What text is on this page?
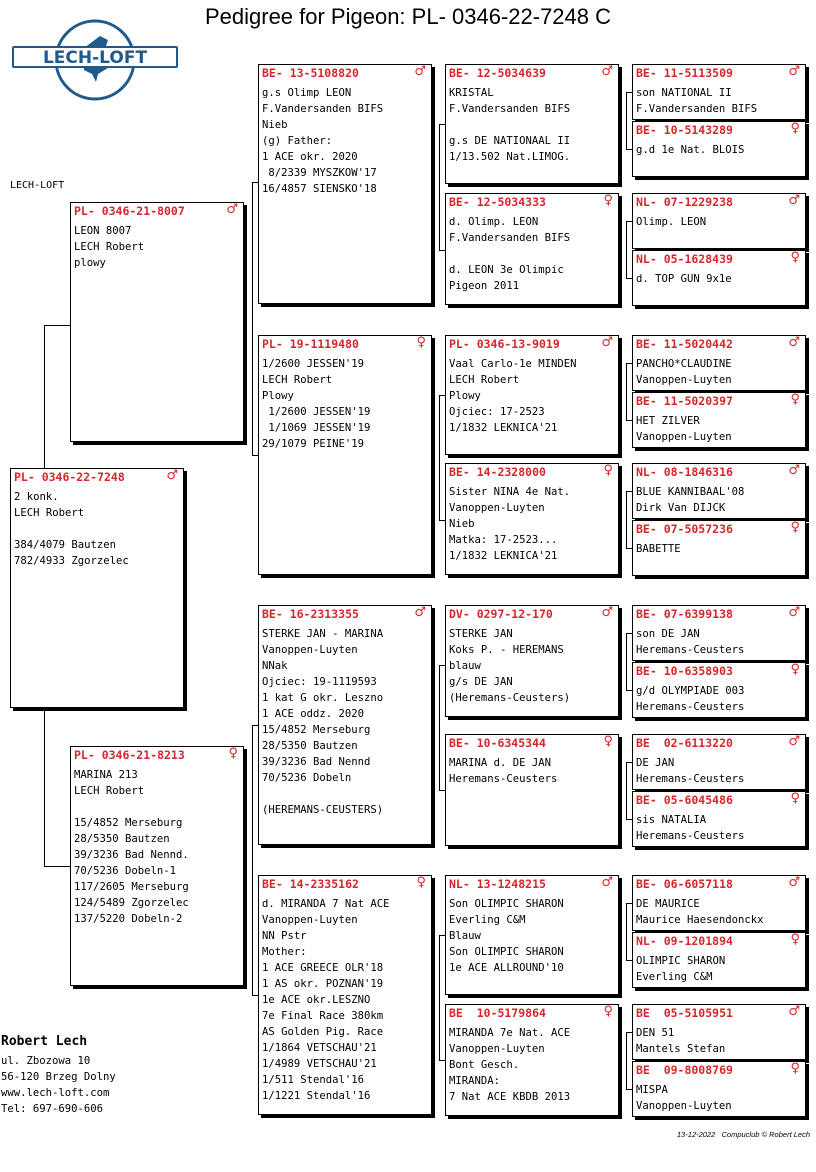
Pedigree for Pigeon: PL- 0346-22-7248 C
LECH-LOFT
LECH-LOFT
PL- 0346-22-7248	♂
2 konk.
LECH Robert

384/4079 Bautzen
782/4933 Zgorzelec
PL- 0346-21-8007	♂
LEON 8007
LECH Robert
plowy
PL- 0346-21-8213	♀
MARINA 213
LECH Robert

15/4852 Merseburg
28/5350 Bautzen
39/3236 Bad Nennd.
70/5236 Dobeln-1
117/2605 Merseburg
124/5489 Zgorzelec
137/5220 Dobeln-2
BE- 13-5108820	♂
g.s Olimp LEON
F.Vandersanden BIFS
Nieb
(g) Father:
1 ACE okr. 2020
8/2339 MYSZKOW'17
16/4857 SIENSKO'18
PL- 19-1119480	♀
1/2600 JESSEN'19
LECH Robert
Plowy
1/2600 JESSEN'19
1/1069 JESSEN'19
29/1079 PEINE'19
BE- 16-2313355	♂
STERKE JAN - MARINA
Vanoppen-Luyten
NNak
Ojciec: 19-1119593
1 kat G okr. Leszno
1 ACE oddz. 2020
15/4852 Merseburg
28/5350 Bautzen
39/3236 Bad Nennd
70/5236 Dobeln

(HEREMANS-CEUSTERS)
BE- 14-2335162	♀
d. MIRANDA 7 Nat ACE
Vanoppen-Luyten
NN Pstr
Mother:
1 ACE GREECE OLR'18
1 AS okr. POZNAN'19
1e ACE okr.LESZNO
7e Final Race 380km
AS Golden Pig. Race
1/1864 VETSCHAU'21
1/4989 VETSCHAU'21
1/511 Stendal'16
1/1221 Stendal'16
BE- 12-5034639	♂
KRISTAL
F.Vandersanden BIFS

g.s DE NATIONAAL II
1/13.502 Nat.LIMOG.
BE- 12-5034333	♀
d. Olimp. LEON
F.Vandersanden BIFS

d. LEON 3e Olimpic
Pigeon 2011
PL- 0346-13-9019	♂
Vaal Carlo-1e MINDEN
LECH Robert
Plowy
Ojciec: 17-2523
1/1832 LEKNICA'21
BE- 14-2328000	♀
Sister NINA 4e Nat.
Vanoppen-Luyten
Nieb
Matka: 17-2523...
1/1832 LEKNICA'21
DV- 0297-12-170	♂
STERKE JAN
Koks P. - HEREMANS
blauw
g/s DE JAN
(Heremans-Ceusters)
BE- 10-6345344	♀
MARINA d. DE JAN
Heremans-Ceusters
NL- 13-1248215	♂
Son OLIMPIC SHARON
Everling C&M
Blauw
Son OLIMPIC SHARON
1e ACE ALLROUND'10
BE  10-5179864	♀
MIRANDA 7e Nat. ACE
Vanoppen-Luyten
Bont Gesch.
MIRANDA:
7 Nat ACE KBDB 2013
BE- 11-5113509	♂
son NATIONAL II
F.Vandersanden BIFS
BE- 10-5143289	♀
g.d 1e Nat. BLOIS
NL- 07-1229238	♂
Olimp. LEON
NL- 05-1628439	♀
d. TOP GUN 9x1e
BE- 11-5020442	♂
PANCHO*CLAUDINE
Vanoppen-Luyten
BE- 11-5020397	♀
HET ZILVER
Vanoppen-Luyten
NL- 08-1846316	♂
BLUE KANNIBAAL'08
Dirk Van DIJCK
BE- 07-5057236	♀
BABETTE
BE- 07-6399138	♂
son DE JAN
Heremans-Ceusters
BE- 10-6358903	♀
g/d OLYMPIADE 003
Heremans-Ceusters
BE  02-6113220	♂
DE JAN
Heremans-Ceusters
BE- 05-6045486	♀
sis NATALIA
Heremans-Ceusters
BE- 06-6057118	♂
DE MAURICE
Maurice Haesendonckx
NL- 09-1201894	♀
OLIMPIC SHARON
Everling C&M
BE  05-5105951	♂
DEN 51
Mantels Stefan
BE  09-8008769	♀
MISPA
Vanoppen-Luyten
Robert Lech
ul. Zbozowa 10
56-120 Brzeg Dolny
www.lech-loft.com
Tel: 697-690-606
13-12-2022   Compuclub © Robert Lech
